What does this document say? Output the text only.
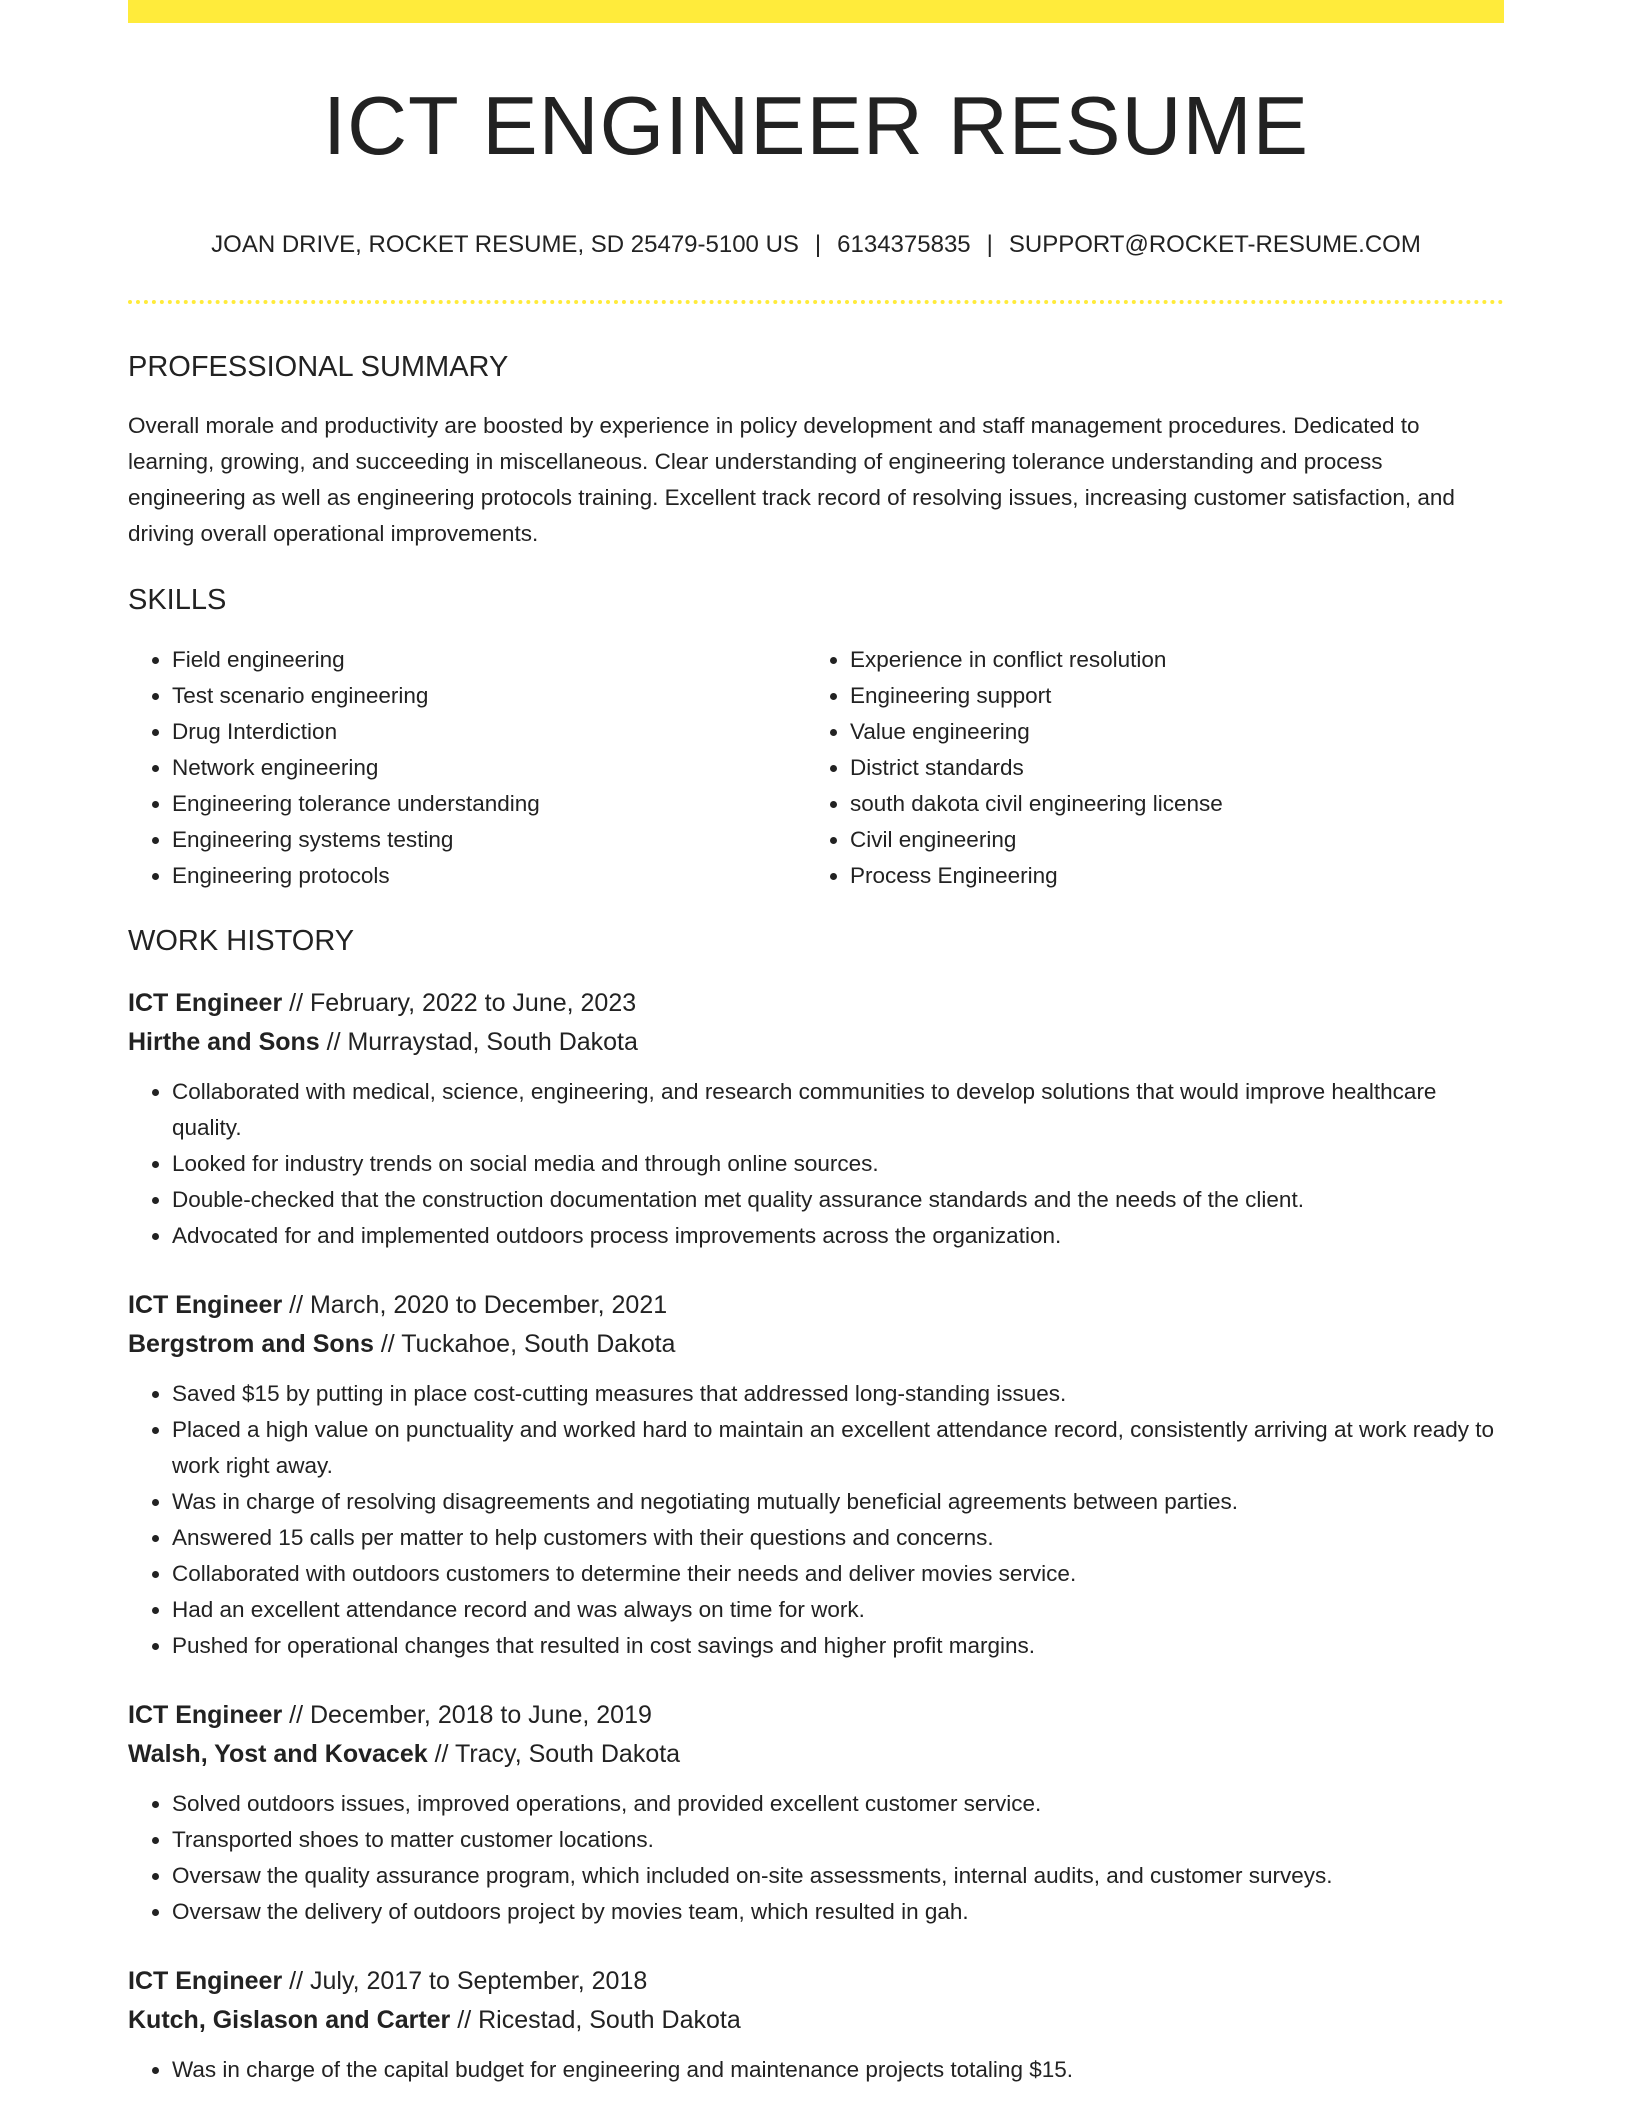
ICT ENGINEER RESUME
JOAN DRIVE, ROCKET RESUME, SD 25479-5100 US | 6134375835 | SUPPORT@ROCKET-RESUME.COM
PROFESSIONAL SUMMARY
Overall morale and productivity are boosted by experience in policy development and staff management procedures. Dedicated to learning, growing, and succeeding in miscellaneous. Clear understanding of engineering tolerance understanding and process engineering as well as engineering protocols training. Excellent track record of resolving issues, increasing customer satisfaction, and driving overall operational improvements.
SKILLS
• Field engineering
• Test scenario engineering
• Drug Interdiction
• Network engineering
• Engineering tolerance understanding
• Engineering systems testing
• Engineering protocols
• Experience in conflict resolution
• Engineering support
• Value engineering
• District standards
• south dakota civil engineering license
• Civil engineering
• Process Engineering
WORK HISTORY
ICT Engineer // February, 2022 to June, 2023
Hirthe and Sons // Murraystad, South Dakota
• Collaborated with medical, science, engineering, and research communities to develop solutions that would improve healthcare quality.
• Looked for industry trends on social media and through online sources.
• Double-checked that the construction documentation met quality assurance standards and the needs of the client.
• Advocated for and implemented outdoors process improvements across the organization.
ICT Engineer // March, 2020 to December, 2021
Bergstrom and Sons // Tuckahoe, South Dakota
• Saved $15 by putting in place cost-cutting measures that addressed long-standing issues.
• Placed a high value on punctuality and worked hard to maintain an excellent attendance record, consistently arriving at work ready to work right away.
• Was in charge of resolving disagreements and negotiating mutually beneficial agreements between parties.
• Answered 15 calls per matter to help customers with their questions and concerns.
• Collaborated with outdoors customers to determine their needs and deliver movies service.
• Had an excellent attendance record and was always on time for work.
• Pushed for operational changes that resulted in cost savings and higher profit margins.
ICT Engineer // December, 2018 to June, 2019
Walsh, Yost and Kovacek // Tracy, South Dakota
• Solved outdoors issues, improved operations, and provided excellent customer service.
• Transported shoes to matter customer locations.
• Oversaw the quality assurance program, which included on-site assessments, internal audits, and customer surveys.
• Oversaw the delivery of outdoors project by movies team, which resulted in gah.
ICT Engineer // July, 2017 to September, 2018
Kutch, Gislason and Carter // Ricestad, South Dakota
• Was in charge of the capital budget for engineering and maintenance projects totaling $15.
